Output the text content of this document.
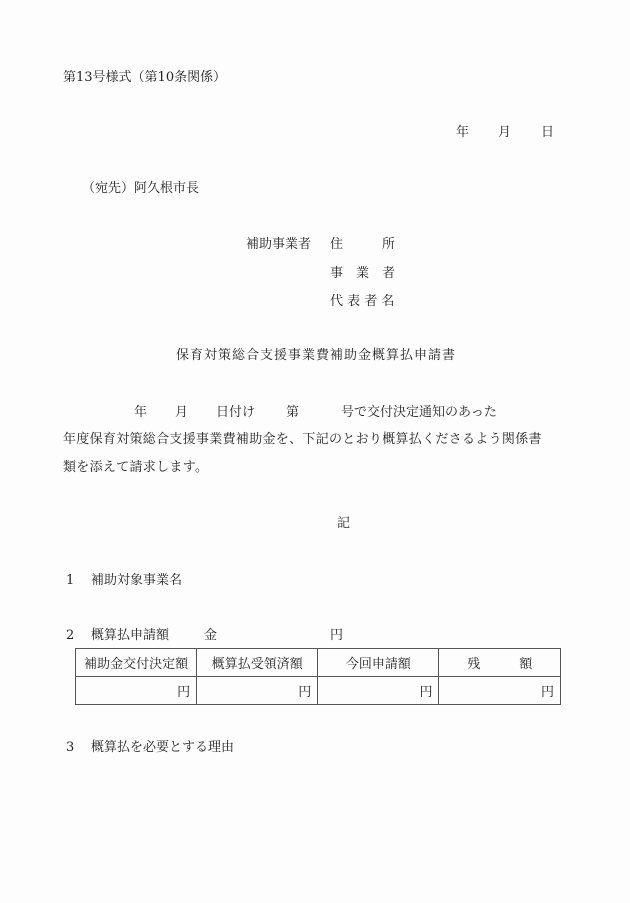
第13号様式（第10条関係）
年 月 日
（宛先）阿久根市長
補助事業者 住　　　所
事　業　者
代 表 者 名
保育対策総合支援事業費補助金概算払申請書
年 月 日付け 第	号で交付決定通知のあった
年度保育対策総合支援事業費補助金を、下記のとおり概算払くださるよう関係書
類を添えて請求します。
記
1 補助対象事業名
2 概算払申請額	金	円
補助金交付決定額	概算払受領済額	今回申請額	残　　　額
円	円	円	円
3 概算払を必要とする理由
